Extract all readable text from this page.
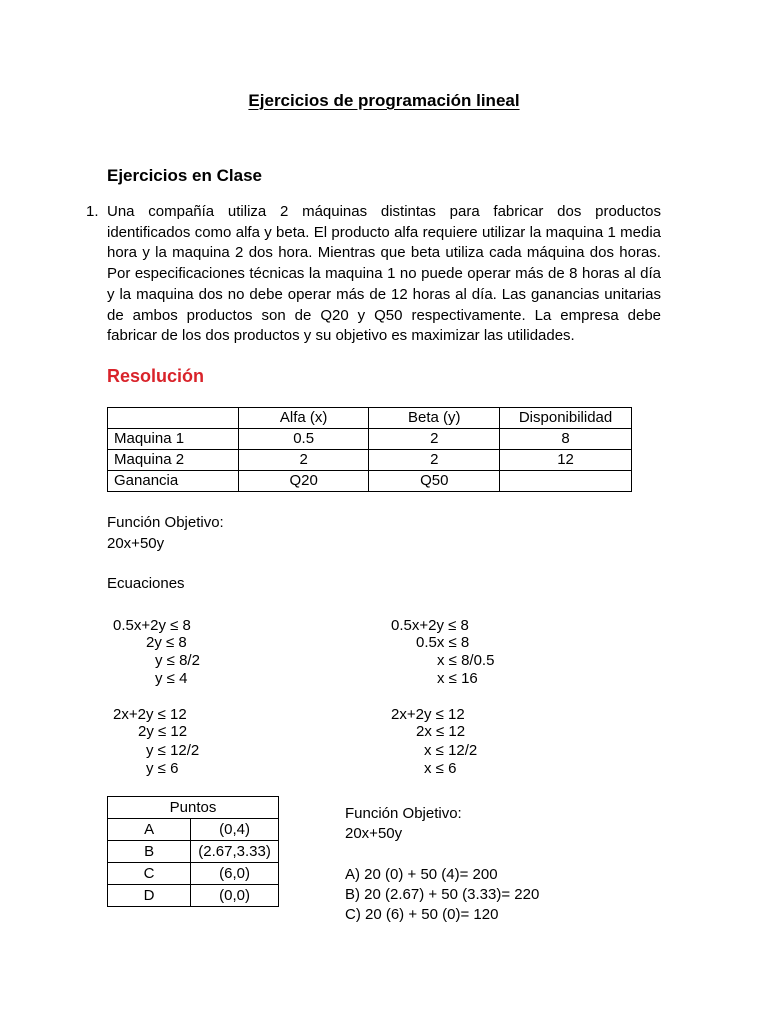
Ejercicios de programación lineal
Ejercicios en Clase
1. Una compañía utiliza 2 máquinas distintas para fabricar dos productos identificados como alfa y beta. El producto alfa requiere utilizar la maquina 1 media hora y la maquina 2 dos hora. Mientras que beta utiliza cada máquina dos horas. Por especificaciones técnicas la maquina 1 no puede operar más de 8 horas al día y la maquina dos no debe operar más de 12 horas al día. Las ganancias unitarias de ambos productos son de Q20 y Q50 respectivamente. La empresa debe fabricar de los dos productos y su objetivo es maximizar las utilidades.
Resolución
	Alfa (x)	Beta (y)	Disponibilidad
Maquina 1	0.5	2	8
Maquina 2	2	2	12
Ganancia	Q20	Q50	
Función Objetivo:
20x+50y
Ecuaciones
0.5x+2y ≤ 8
2y ≤ 8
y ≤ 8/2
y ≤ 4
0.5x+2y ≤ 8
0.5x ≤ 8
x ≤ 8/0.5
x ≤ 16
2x+2y ≤ 12
2y ≤ 12
y ≤ 12/2
y ≤ 6
2x+2y ≤ 12
2x ≤ 12
x ≤ 12/2
x ≤ 6
Puntos	
A	(0,4)
B	(2.67,3.33)
C	(6,0)
D	(0,0)
Función Objetivo:
20x+50y
A) 20 (0) + 50 (4)= 200
B) 20 (2.67) + 50 (3.33)= 220
C) 20 (6) + 50 (0)= 120
